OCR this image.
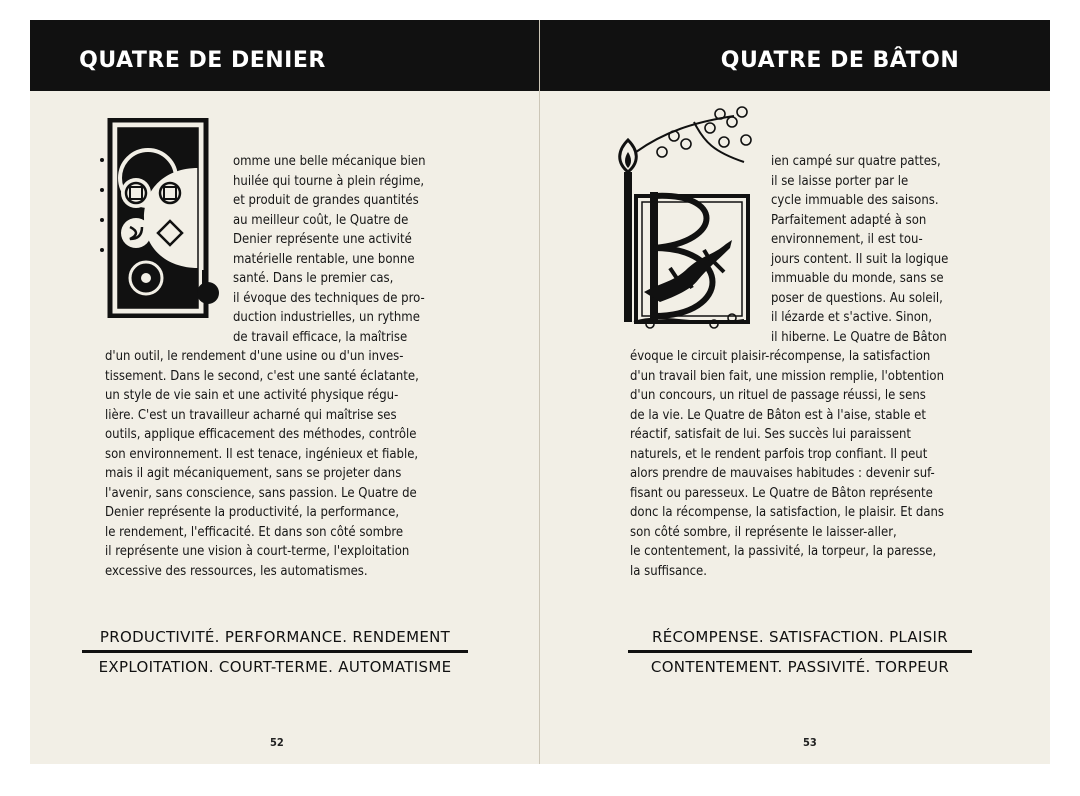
QUATRE DE DENIER
omme une belle mécanique bien
huilée qui tourne à plein régime,
et produit de grandes quantités
au meilleur coût, le Quatre de
Denier représente une activité
matérielle rentable, une bonne
santé. Dans le premier cas,
il évoque des techniques de pro-
duction industrielles, un rythme
de travail efficace, la maîtrise
d'un outil, le rendement d'une usine ou d'un inves-
tissement. Dans le second, c'est une santé éclatante,
un style de vie sain et une activité physique régu-
lière. C'est un travailleur acharné qui maîtrise ses
outils, applique efficacement des méthodes, contrôle
son environnement. Il est tenace, ingénieux et fiable,
mais il agit mécaniquement, sans se projeter dans
l'avenir, sans conscience, sans passion. Le Quatre de
Denier représente la productivité, la performance,
le rendement, l'efficacité. Et dans son côté sombre
il représente une vision à court-terme, l'exploitation
excessive des ressources, les automatismes.
PRODUCTIVITÉ. PERFORMANCE. RENDEMENT
EXPLOITATION. COURT-TERME. AUTOMATISME
52
QUATRE DE BÂTON
ien campé sur quatre pattes,
il se laisse porter par le
cycle immuable des saisons.
Parfaitement adapté à son
environnement, il est tou-
jours content. Il suit la logique
immuable du monde, sans se
poser de questions. Au soleil,
il lézarde et s'active. Sinon,
il hiberne. Le Quatre de Bâton
évoque le circuit plaisir-récompense, la satisfaction
d'un travail bien fait, une mission remplie, l'obtention
d'un concours, un rituel de passage réussi, le sens
de la vie. Le Quatre de Bâton est à l'aise, stable et
réactif, satisfait de lui. Ses succès lui paraissent
naturels, et le rendent parfois trop confiant. Il peut
alors prendre de mauvaises habitudes : devenir suf-
fisant ou paresseux. Le Quatre de Bâton représente
donc la récompense, la satisfaction, le plaisir. Et dans
son côté sombre, il représente le laisser-aller,
le contentement, la passivité, la torpeur, la paresse,
la suffisance.
RÉCOMPENSE. SATISFACTION. PLAISIR
CONTENTEMENT. PASSIVITÉ. TORPEUR
53
